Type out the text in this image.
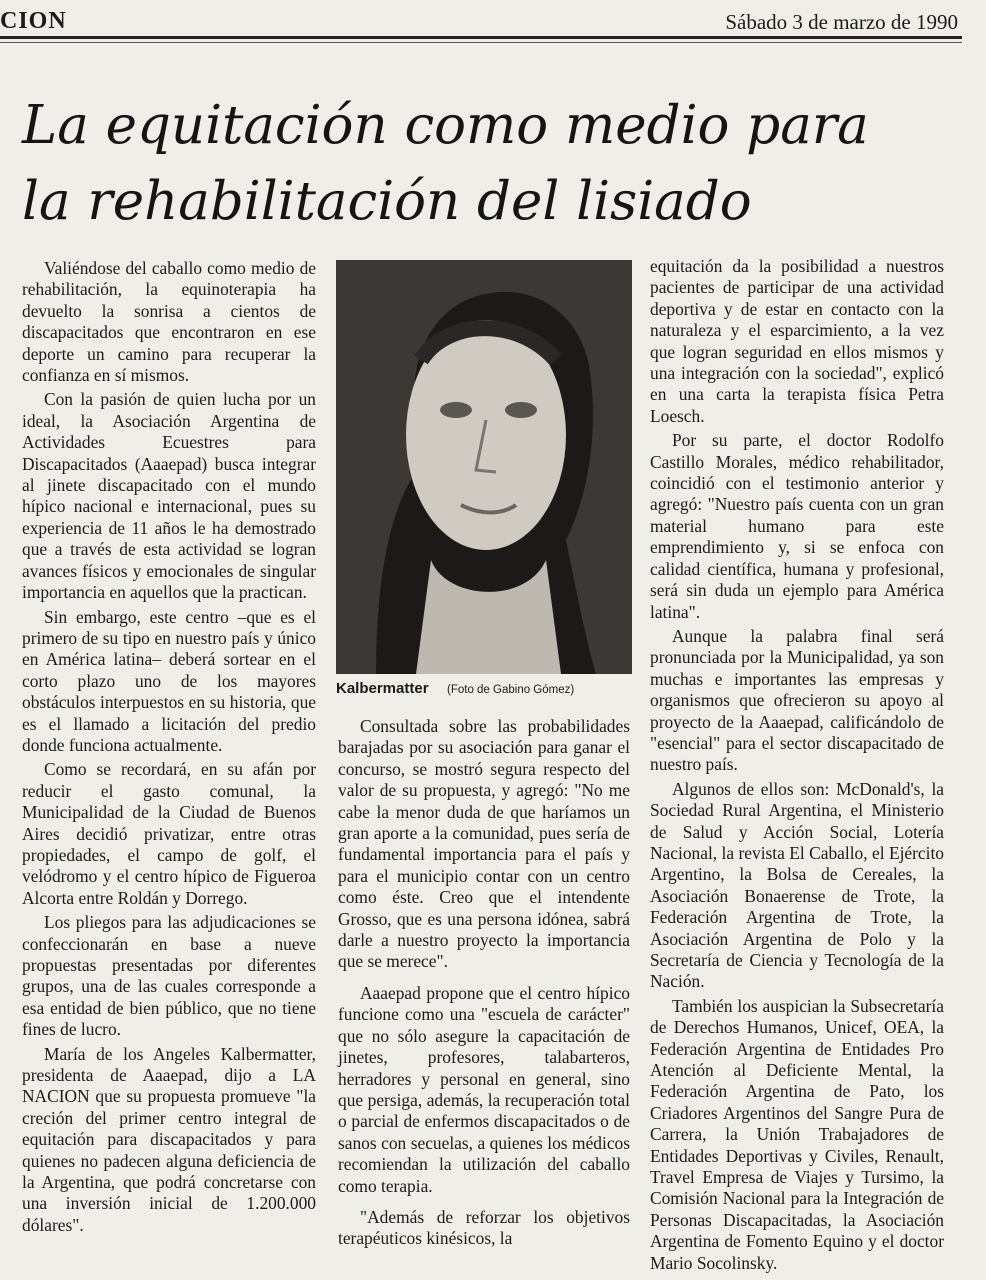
CION	Sábado 3 de marzo de 1990
La equitación como medio para
la rehabilitación del lisiado

Valiéndose del caballo como medio de rehabilitación, la equinoterapia ha devuelto la sonrisa a cientos de discapacitados que encontraron en ese deporte un camino para recuperar la confianza en sí mismos.

Con la pasión de quien lucha por un ideal, la Asociación Argentina de Actividades Ecuestres para Discapacitados (Aaaepad) busca integrar al jinete discapacitado con el mundo hípico nacional e internacional, pues su experiencia de 11 años le ha demostrado que a través de esta actividad se logran avances físicos y emocionales de singular importancia en aquellos que la practican.

Sin embargo, este centro –que es el primero de su tipo en nuestro país y único en América latina– deberá sortear en el corto plazo uno de los mayores obstáculos interpuestos en su historia, que es el llamado a licitación del predio donde funciona actualmente.

Como se recordará, en su afán por reducir el gasto comunal, la Municipalidad de la Ciudad de Buenos Aires decidió privatizar, entre otras propiedades, el campo de golf, el velódromo y el centro hípico de Figueroa Alcorta entre Roldán y Dorrego.

Los pliegos para las adjudicaciones se confeccionarán en base a nueve propuestas presentadas por diferentes grupos, una de las cuales corresponde a esa entidad de bien público, que no tiene fines de lucro.

María de los Angeles Kalbermatter, presidenta de Aaaepad, dijo a LA NACION que su propuesta promueve "la creción del primer centro integral de equitación para discapacitados y para quienes no padecen alguna deficiencia de la Argentina, que podrá concretarse con una inversión inicial de 1.200.000 dólares".

Kalbermatter (Foto de Gabino Gómez)

Consultada sobre las probabilidades barajadas por su asociación para ganar el concurso, se mostró segura respecto del valor de su propuesta, y agregó: "No me cabe la menor duda de que haríamos un gran aporte a la comunidad, pues sería de fundamental importancia para el país y para el municipio contar con un centro como éste. Creo que el intendente Grosso, que es una persona idónea, sabrá darle a nuestro proyecto la importancia que se merece".

Aaaepad propone que el centro hípico funcione como una "escuela de carácter" que no sólo asegure la capacitación de jinetes, profesores, talabarteros, herradores y personal en general, sino que persiga, además, la recuperación total o parcial de enfermos discapacitados o de sanos con secuelas, a quienes los médicos recomiendan la utilización del caballo como terapia.

"Además de reforzar los objetivos terapéuticos kinésicos, la

equitación da la posibilidad a nuestros pacientes de participar de una actividad deportiva y de estar en contacto con la naturaleza y el esparcimiento, a la vez que logran seguridad en ellos mismos y una integración con la sociedad", explicó en una carta la terapista física Petra Loesch.

Por su parte, el doctor Rodolfo Castillo Morales, médico rehabilitador, coincidió con el testimonio anterior y agregó: "Nuestro país cuenta con un gran material humano para este emprendimiento y, si se enfoca con calidad científica, humana y profesional, será sin duda un ejemplo para América latina".

Aunque la palabra final será pronunciada por la Municipalidad, ya son muchas e importantes las empresas y organismos que ofrecieron su apoyo al proyecto de la Aaaepad, calificándolo de "esencial" para el sector discapacitado de nuestro país.

Algunos de ellos son: McDonald's, la Sociedad Rural Argentina, el Ministerio de Salud y Acción Social, Lotería Nacional, la revista El Caballo, el Ejército Argentino, la Bolsa de Cereales, la Asociación Bonaerense de Trote, la Federación Argentina de Trote, la Asociación Argentina de Polo y la Secretaría de Ciencia y Tecnología de la Nación.

También los auspician la Subsecretaría de Derechos Humanos, Unicef, OEA, la Federación Argentina de Entidades Pro Atención al Deficiente Mental, la Federación Argentina de Pato, los Criadores Argentinos del Sangre Pura de Carrera, la Unión Trabajadores de Entidades Deportivas y Civiles, Renault, Travel Empresa de Viajes y Tursimo, la Comisión Nacional para la Integración de Personas Discapacitadas, la Asociación Argentina de Fomento Equino y el doctor Mario Socolinsky.
